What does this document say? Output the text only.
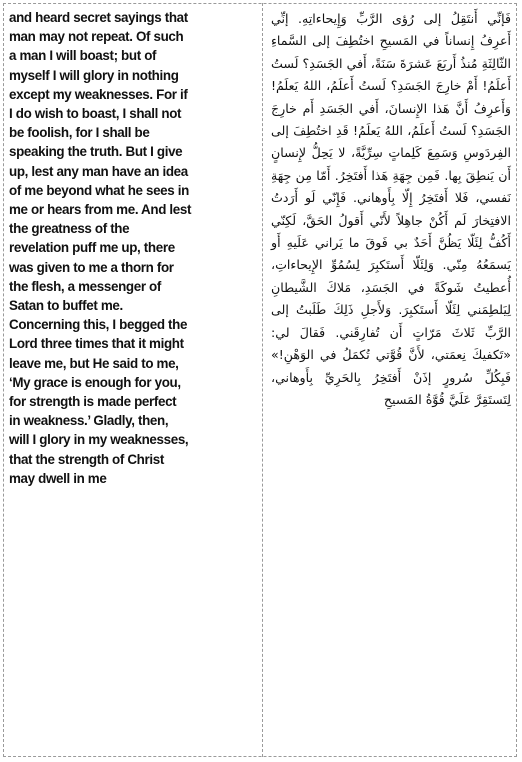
and heard secret sayings that
man may not repeat. Of such
a man I will boast; but of
myself I will glory in nothing
except my weaknesses. For if
I do wish to boast, I shall not
be foolish, for I shall be
speaking the truth. But I give
up, lest any man have an idea
of me beyond what he sees in
me or hears from me. And lest
the greatness of the
revelation puff me up, there
was given to me a thorn for
the flesh, a messenger of
Satan to buffet me.
Concerning this, I begged the
Lord three times that it might
leave me, but He said to me,
‘My grace is enough for you,
for strength is made perfect
in weakness.’ Gladly, then,
will I glory in my weaknesses,
that the strength of Christ
may dwell in me

فَإنِّي أَنتَقِلُ إلى رُؤى الرَّبِّ وَإِيحاءاتِهِ. إنِّي أَعرِفُ إِنساناً في المَسيحِ اختُطِفَ إلى السَّماءِ الثّالِثَةِ مُنذُ أَربَعَ عَشرَةَ سَنَةً، أَفي الجَسَدِ؟ لَستُ أَعلَمُ! أَمْ خارِجَ الجَسَدِ؟ لَستُ أَعلَمُ، اللهُ يَعلَمُ! وَأَعرِفُ أَنَّ هَذا الإِنسانَ، أَفي الجَسَدِ أَم خارِجَ الجَسَدِ؟ لَستُ أَعلَمُ، اللهُ يَعلَمُ! قَدِ اختُطِفَ إلى الفِردَوسِ وَسَمِعَ كَلِماتٍ سِرِّيَّةً، لا يَحِلُّ لإِنسانٍ أَن يَنطِقَ بِها. فَمِن جِهَةِ هَذا أَفتَخِرُ. أَمّا مِن جِهَةِ نَفسي، فَلا أَفتَخِرُ إِلّا بِأَوهاني. فَإِنّي لَو أَرَدتُ الافتِخارَ لَم أَكُنْ جاهِلاً لأَنّي أَقولُ الحَقَّ، لَكِنّي أَكُفُّ لِئَلّا يَظُنَّ أَحَدٌ بي فَوقَ ما يَراني عَلَيهِ أَو يَسمَعُهُ مِنّي. وَلِئَلّا أَستَكبِرَ لِسُمُوِّ الإِيحاءاتِ، أُعطيتُ شَوكَةً في الجَسَدِ، مَلاكَ الشَّيطانِ لِيَلطِمَني لِئَلّا أَستَكبِرَ. وَلأَجلِ ذَلِكَ طَلَبتُ إلى الرَّبِّ ثَلاثَ مَرّاتٍ أَن تُفارِقَني. فَقالَ لي: «تَكفيكَ نِعمَتي، لأَنَّ قُوَّتي تُكمَلُ في الوَهْنِ!» فَبِكُلِّ سُرورٍ إذَنْ أَفتَخِرُ بِالحَرِيِّ بِأَوهاني، لِتَستَقِرَّ عَلَيَّ قُوَّةُ المَسيحِ
